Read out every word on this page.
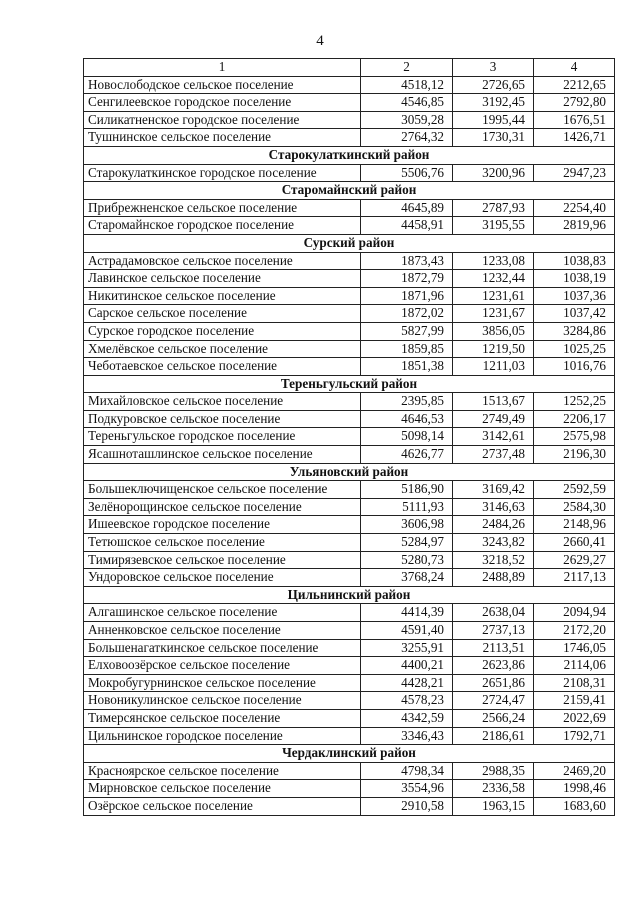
4
1	2	3	4
Новослободское сельское поселение	4518,12	2726,65	2212,65
Сенгилеевское городское поселение	4546,85	3192,45	2792,80
Силикатненское городское поселение	3059,28	1995,44	1676,51
Тушнинское сельское поселение	2764,32	1730,31	1426,71
Старокулаткинский район			
Старокулаткинское городское поселение	5506,76	3200,96	2947,23
Старомайнский район			
Прибрежненское сельское поселение	4645,89	2787,93	2254,40
Старомайнское городское поселение	4458,91	3195,55	2819,96
Сурский район			
Астрадамовское сельское поселение	1873,43	1233,08	1038,83
Лавинское сельское поселение	1872,79	1232,44	1038,19
Никитинское сельское поселение	1871,96	1231,61	1037,36
Сарское сельское поселение	1872,02	1231,67	1037,42
Сурское городское поселение	5827,99	3856,05	3284,86
Хмелёвское сельское поселение	1859,85	1219,50	1025,25
Чеботаевское сельское поселение	1851,38	1211,03	1016,76
Тереньгульский район			
Михайловское сельское поселение	2395,85	1513,67	1252,25
Подкуровское сельское поселение	4646,53	2749,49	2206,17
Тереньгульское городское поселение	5098,14	3142,61	2575,98
Ясашноташлинское сельское поселение	4626,77	2737,48	2196,30
Ульяновский район			
Большеключищенское сельское поселение	5186,90	3169,42	2592,59
Зелёнорощинское сельское поселение	5111,93	3146,63	2584,30
Ишеевское городское поселение	3606,98	2484,26	2148,96
Тетюшское сельское поселение	5284,97	3243,82	2660,41
Тимирязевское сельское поселение	5280,73	3218,52	2629,27
Ундоровское сельское поселение	3768,24	2488,89	2117,13
Цильнинский район			
Алгашинское сельское поселение	4414,39	2638,04	2094,94
Анненковское сельское поселение	4591,40	2737,13	2172,20
Большенагаткинское сельское поселение	3255,91	2113,51	1746,05
Елховоозёрское сельское поселение	4400,21	2623,86	2114,06
Мокробугурнинское сельское поселение	4428,21	2651,86	2108,31
Новоникулинское сельское поселение	4578,23	2724,47	2159,41
Тимерсянское сельское поселение	4342,59	2566,24	2022,69
Цильнинское городское поселение	3346,43	2186,61	1792,71
Чердаклинский район			
Красноярское сельское поселение	4798,34	2988,35	2469,20
Мирновское сельское поселение	3554,96	2336,58	1998,46
Озёрское сельское поселение	2910,58	1963,15	1683,60
